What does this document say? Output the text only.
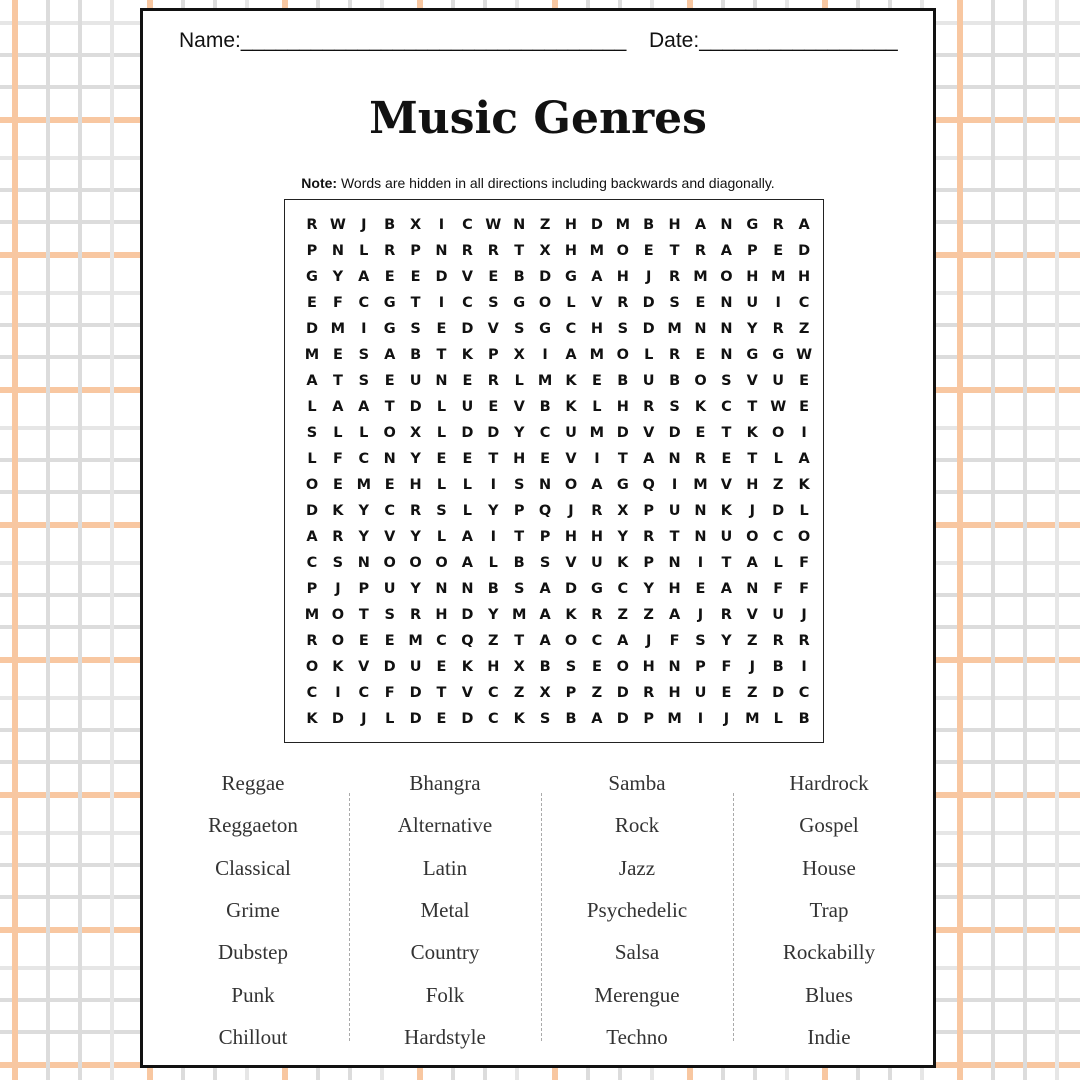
Name:_________________________________ Date:_________________
Music Genres
Note: Words are hidden in all directions including backwards and diagonally.
R W	J	B	X	I	C W N	Z	H D M B H A N G R	A
P	N	L	R	P	N R	R	T	X H M O	E	T	R	A	P	E	D
G	Y	A	E	E	D V	E	B D G A H	J	R M O H M H
E	F	C	G	T	I	C	S	G O	L	V	R D	S	E	N U	I	C
D M	I	G	S	E	D V	S	G	C H	S	D M N N	Y	R	Z
M E	S	A	B	T	K	P	X	I	A M O	L	R	E	N G G W
A	T	S	E	U N	E	R	L M K	E	B U B O	S	V U	E
L	A	A	T	D	L	U	E	V	B	K	L	H R	S	K	C	T W E
S	L	L	O X	L	D D	Y	C	U M D V D	E	T	K O	I
L	F	C N	Y	E	E	T	H	E	V	I	T	A N R	E	T	L	A
O	E M E	H	L	L	I	S	N O A G Q	I	M V H	Z	K
D K	Y	C	R	S	L	Y	P Q	J	R	X	P	U N K	J	D	L
A	R	Y	V	Y	L	A	I	T	P	H H	Y	R	T	N U O C O
C	S	N O O O A	L	B	S	V U K	P	N	I	T	A	L	F
P	J	P	U	Y	N N B	S	A D G	C	Y	H	E	A N	F	F
M O	T	S	R H D	Y M A	K	R	Z	Z	A	J	R	V U	J
R O	E	E M C Q Z	T	A O C	A	J	F	S	Y	Z	R	R
O K	V D U	E	K H X	B	S	E	O H N	P	F	J	B	I
C	I	C	F	D	T	V	C	Z	X	P	Z	D R H U	E	Z	D	C
K D	J	L	D	E	D	C	K	S	B	A D	P M	I	J	M L	B
Reggae
Reggaeton
Classical
Grime
Dubstep
Punk
Chillout
Bhangra
Alternative
Latin
Metal
Country
Folk
Hardstyle
Samba
Rock
Jazz
Psychedelic
Salsa
Merengue
Techno
Hardrock
Gospel
House
Trap
Rockabilly
Blues
Indie
